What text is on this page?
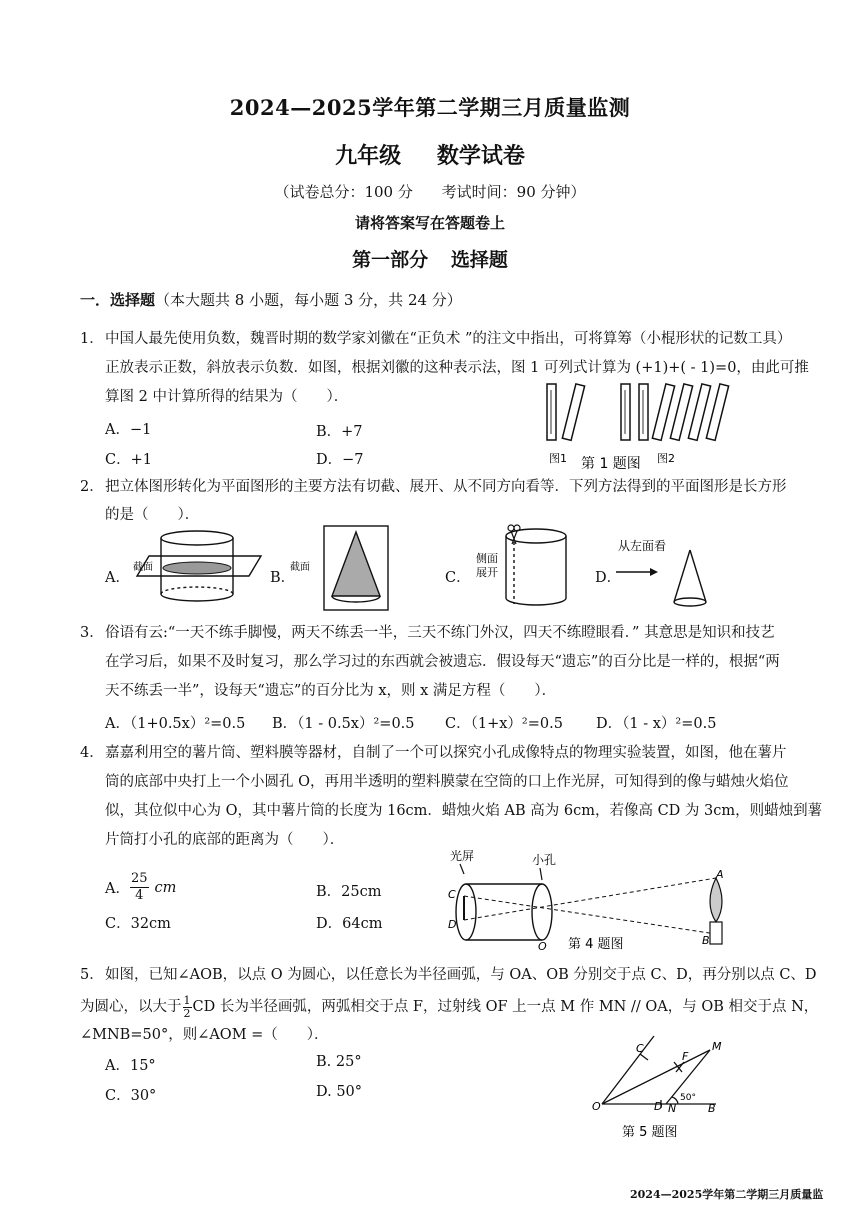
2024—2025学年第二学期三月质量监测
九年级 数学试卷
（试卷总分：100 分 考试时间：90 分钟）
请将答案写在答题卷上
第一部分 选择题
一．选择题（本大题共 8 小题，每小题 3 分，共 24 分）
1． 中国人最先使用负数，魏晋时期的数学家刘徽在“正负术 ”的注文中指出，可将算筹（小棍形状的记数工具）
正放表示正数，斜放表示负数．如图，根据刘徽的这种表示法，图 1 可列式计算为 (+1)+( - 1)=0，由此可推
算图 2 中计算所得的结果为（　　）．
A．−1	B．+7
C．+1	D．−7	图1 第 1 题图 图2
2． 把立体图形转化为平面图形的主要方法有切截、展开、从不同方向看等．下列方法得到的平面图形是长方形
的是（　　）．
A．
截面
B．
截面
C．
侧面
展开	D．
从左面看
3． 俗语有云:“一天不练手脚慢，两天不练丢一半，三天不练门外汉，四天不练瞪眼看．” 其意思是知识和技艺
在学习后，如果不及时复习，那么学习过的东西就会被遗忘．假设每天“遗忘”的百分比是一样的，根据“两
天不练丢一半”，设每天“遗忘”的百分比为 x，则 x 满足方程（　　）．
A．（1+0.5x）²=0.5 B．（1 - 0.5x）²=0.5 C．（1+x）²=0.5 D．（1 - x）²=0.5
4． 嘉嘉利用空的薯片筒、塑料膜等器材，自制了一个可以探究小孔成像特点的物理实验装置，如图，他在薯片
筒的底部中央打上一个小圆孔 O，再用半透明的塑料膜蒙在空筒的口上作光屏，可知得到的像与蜡烛火焰位
似，其位似中心为 O，其中薯片筒的长度为 16cm．蜡烛火焰 AB 高为 6cm，若像高 CD 为 3cm，则蜡烛到薯
片筒打小孔的底部的距离为（　　）．
A． $\frac{25}{4}$ cm	B．25cm
C．32cm	D．64cm
光屏	小孔
C
D
O
A
B
第 4 题图
5． 如图，已知∠AOB，以点 O 为圆心，以任意长为半径画弧，与 OA、OB 分别交于点 C、D，再分别以点 C、D
为圆心，以大于 $\frac{1}{2}$ CD 长为半径画弧，两弧相交于点 F，过射线 OF 上一点 M 作 MN // OA，与 OB 相交于点 N，
∠MNB=50°，则∠AOM =（　　）．
A．15°	B. 25°
C．30°	D. 50°
O
C
F
M
D N	B
50°
第 5 题图
2024—2025学年第二学期三月质量监
